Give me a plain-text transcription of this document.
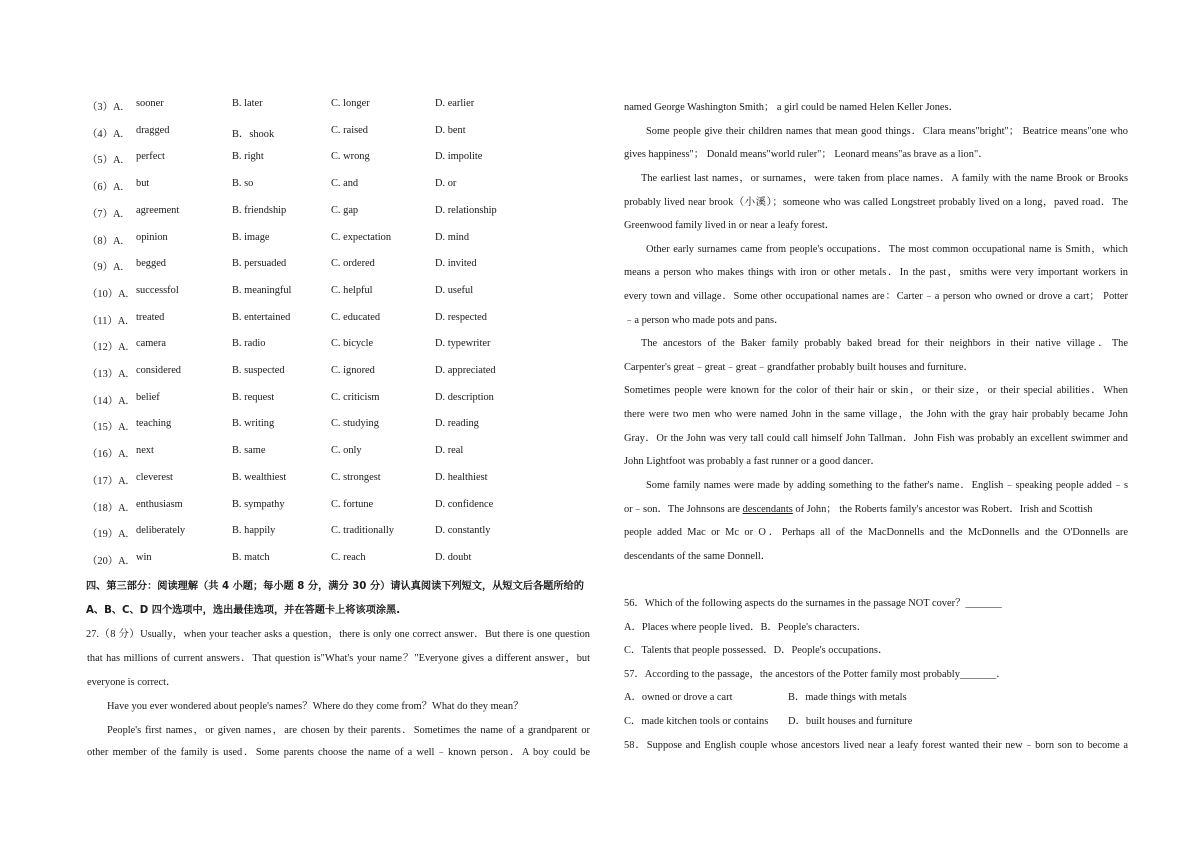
（3）A. sooner	B. later	C. longer	D. earlier
（4）A. dragged	B．shook	C. raised	D. bent
（5）A. perfect	B. right	C. wrong	D. impolite
（6）A. but	B. so	C. and	D. or
（7）A. agreement	B. friendship	C. gap	D. relationship
（8）A. opinion	B. image	C. expectation	D. mind
（9）A. begged	B. persuaded	C. ordered	D. invited
（10）A. successfol	B. meaningful	C. helpful	D. useful
（11）A. treated	B. entertained	C. educated	D. respected
（12）A. camera	B. radio	C. bicycle	D. typewriter
（13）A. considered	B. suspected	C. ignored	D. appreciated
（14）A. belief	B. request	C. criticism	D. description
（15）A. teaching	B. writing	C. studying	D. reading
（16）A. next	B. same	C. only	D. real
（17）A. cleverest	B. wealthiest	C. strongest	D. healthiest
（18）A. enthusiasm	B. sympathy	C. fortune	D. confidence
（19）A. deliberately	B. happily	C. traditionally	D. constantly
（20）A. win	B. match	C. reach	D. doubt
四、第三部分：阅读理解（共 4 小题；每小题 8 分，满分 30 分）请认真阅读下列短文，从短文后各题所给的
A、B、C、D 四个选项中，选出最佳选项，并在答题卡上将该项涂黑.
27.（8 分）Usually，when your teacher asks a question，there is only one correct answer．But there is one question
that has millions of current answers．That question is"What's your name？"Everyone gives a different answer，but
everyone is correct．
Have you ever wondered about people's names？Where do they come from？What do they mean？
People's first names，or given names，are chosen by their parents．Sometimes the name of a grandparent or
other member of the family is used．Some parents choose the name of a well﹣known person．A boy could be
named George Washington Smith； a girl could be named Helen Keller Jones．
Some people give their children names that mean good things．Clara means"bright"； Beatrice means"one who
gives happiness"； Donald means"world ruler"； Leonard means"as brave as a lion"．
The earliest last names，or surnames，were taken from place names．A family with the name Brook or Brooks
probably lived near brook（小溪）；someone who was called Longstreet probably lived on a long，paved road．The
Greenwood family lived in or near a leafy forest．
Other early surnames came from people's occupations．The most common occupational name is Smith，which
means a person who makes things with iron or other metals．In the past，smiths were very important workers in
every town and village．Some other occupational names are：Carter﹣a person who owned or drove a cart； Potter
﹣a person who made pots and pans．
The ancestors of the Baker family probably baked bread for their neighbors in their native village．The
Carpenter's great﹣great﹣great﹣grandfather probably built houses and furniture．
Sometimes people were known for the color of their hair or skin，or their size，or their special abilities．When
there were two men who were named John in the same village，the John with the gray hair probably became John
Gray．Or the John was very tall could call himself John Tallman．John Fish was probably an excellent swimmer and
John Lightfoot was probably a fast runner or a good dancer．
Some family names were made by adding something to the father's name．English﹣speaking people added﹣s
or﹣son．The Johnsons are descendants of John； the Roberts family's ancestor was Robert．Irish and Scottish
people added Mac or Mc or O．Perhaps all of the MacDonnells and the McDonnells and the O'Donnells are
descendants of the same Donnell．
56．Which of the following aspects do the surnames in the passage NOT cover？_______
A．Places where people lived．B．People's characters．
C．Talents that people possessed．D．People's occupations．
57．According to the passage，the ancestors of the Potter family most probably_______．
A．owned or drove a cart	B．made things with metals
C．made kitchen tools or contains D．built houses and furniture
58．Suppose and English couple whose ancestors lived near a leafy forest wanted their new﹣born son to become a
